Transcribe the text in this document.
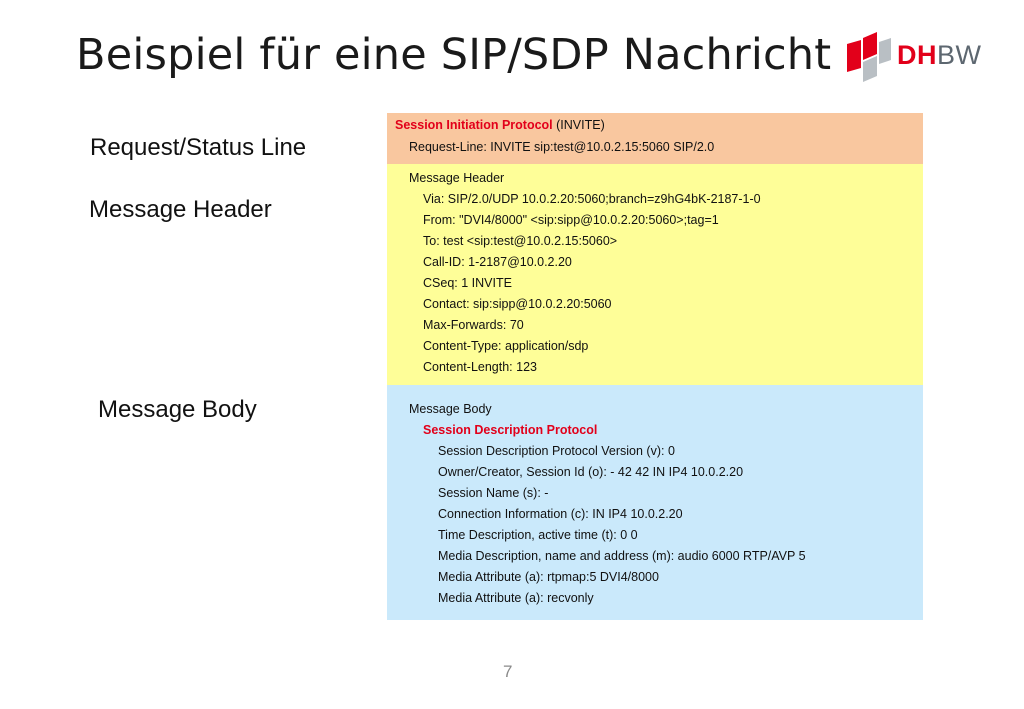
Beispiel für eine SIP/SDP Nachricht DHBW
Request/Status Line
Message Header
Message Body
Session Initiation Protocol (INVITE)
Request-Line: INVITE sip:test@10.0.2.15:5060 SIP/2.0
Message Header
Via: SIP/2.0/UDP 10.0.2.20:5060;branch=z9hG4bK-2187-1-0
From: "DVI4/8000" <sip:sipp@10.0.2.20:5060>;tag=1
To: test <sip:test@10.0.2.15:5060>
Call-ID: 1-2187@10.0.2.20
CSeq: 1 INVITE
Contact: sip:sipp@10.0.2.20:5060
Max-Forwards: 70
Content-Type: application/sdp
Content-Length: 123
Message Body
Session Description Protocol
Session Description Protocol Version (v): 0
Owner/Creator, Session Id (o): - 42 42 IN IP4 10.0.2.20
Session Name (s): -
Connection Information (c): IN IP4 10.0.2.20
Time Description, active time (t): 0 0
Media Description, name and address (m): audio 6000 RTP/AVP 5
Media Attribute (a): rtpmap:5 DVI4/8000
Media Attribute (a): recvonly
7
